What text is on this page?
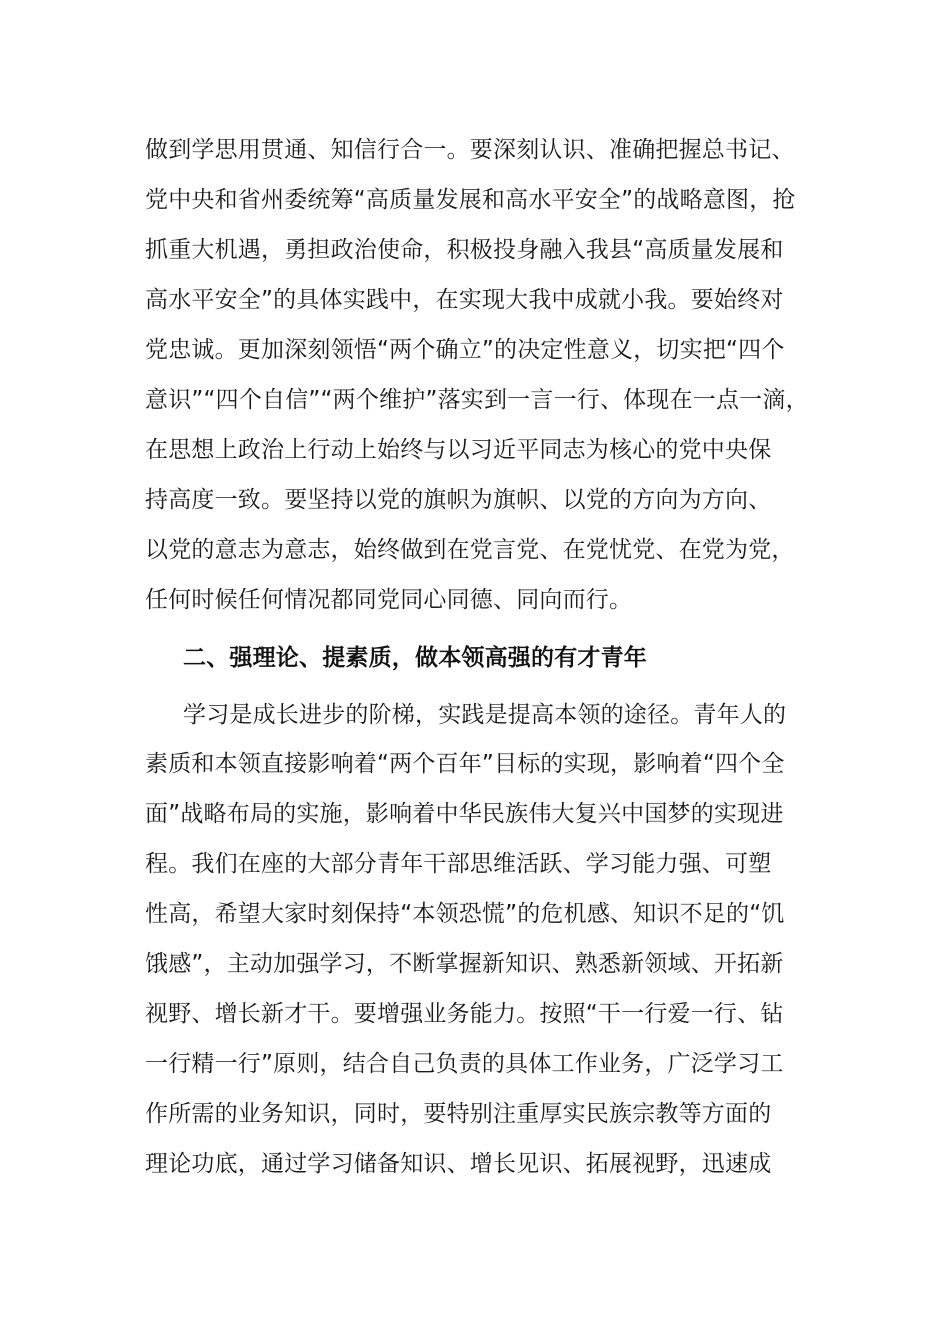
做到学思用贯通、知信行合一。要深刻认识、准确把握总书记、
党中央和省州委统筹“高质量发展和高水平安全”的战略意图，抢
抓重大机遇，勇担政治使命，积极投身融入我县“高质量发展和
高水平安全”的具体实践中，在实现大我中成就小我。要始终对
党忠诚。更加深刻领悟“两个确立”的决定性意义，切实把“四个
意识”“四个自信”“两个维护”落实到一言一行、体现在一点一滴，
在思想上政治上行动上始终与以习近平同志为核心的党中央保
持高度一致。要坚持以党的旗帜为旗帜、以党的方向为方向、
以党的意志为意志，始终做到在党言党、在党忧党、在党为党，
任何时候任何情况都同党同心同德、同向而行。
二、强理论、提素质，做本领高强的有才青年
学习是成长进步的阶梯，实践是提高本领的途径。青年人的
素质和本领直接影响着“两个百年”目标的实现，影响着“四个全
面”战略布局的实施，影响着中华民族伟大复兴中国梦的实现进
程。我们在座的大部分青年干部思维活跃、学习能力强、可塑
性高，希望大家时刻保持“本领恐慌”的危机感、知识不足的“饥
饿感”，主动加强学习，不断掌握新知识、熟悉新领域、开拓新
视野、增长新才干。要增强业务能力。按照“干一行爱一行、钻
一行精一行”原则，结合自己负责的具体工作业务，广泛学习工
作所需的业务知识，同时，要特别注重厚实民族宗教等方面的
理论功底，通过学习储备知识、增长见识、拓展视野，迅速成
